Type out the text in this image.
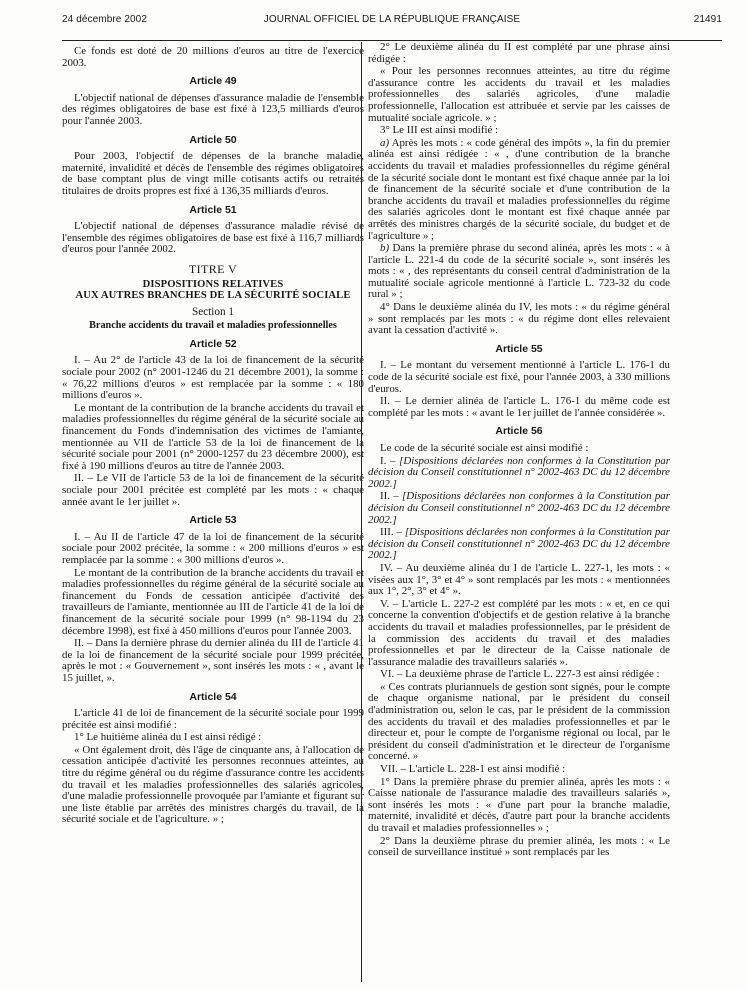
24 décembre 2002	JOURNAL OFFICIEL DE LA RÉPUBLIQUE FRANÇAISE	21491

Ce fonds est doté de 20 millions d'euros au titre de l'exercice 2003.

Article 49

L'objectif national de dépenses d'assurance maladie de l'ensemble des régimes obligatoires de base est fixé à 123,5 milliards d'euros pour l'année 2003.

Article 50

Pour 2003, l'objectif de dépenses de la branche maladie, maternité, invalidité et décès de l'ensemble des régimes obligatoires de base comptant plus de vingt mille cotisants actifs ou retraités titulaires de droits propres est fixé à 136,35 milliards d'euros.

Article 51

L'objectif national de dépenses d'assurance maladie révisé de l'ensemble des régimes obligatoires de base est fixé à 116,7 milliards d'euros pour l'année 2002.

TITRE V
DISPOSITIONS RELATIVES
AUX AUTRES BRANCHES DE LA SÉCURITÉ SOCIALE
Section 1
Branche accidents du travail et maladies professionnelles
Article 52

I. – Au 2° de l'article 43 de la loi de financement de la sécurité sociale pour 2002 (n° 2001-1246 du 21 décembre 2001), la somme : « 76,22 millions d'euros » est remplacée par la somme : « 180 millions d'euros ».

Le montant de la contribution de la branche accidents du travail et maladies professionnelles du régime général de la sécurité sociale au financement du Fonds d'indemnisation des victimes de l'amiante, mentionnée au VII de l'article 53 de la loi de financement de la sécurité sociale pour 2001 (n° 2000-1257 du 23 décembre 2000), est fixé à 190 millions d'euros au titre de l'année 2003.

II. – Le VII de l'article 53 de la loi de financement de la sécurité sociale pour 2001 précitée est complété par les mots : « chaque année avant le 1er juillet ».

Article 53

I. – Au II de l'article 47 de la loi de financement de la sécurité sociale pour 2002 précitée, la somme : « 200 millions d'euros » est remplacée par la somme : « 300 millions d'euros ».

Le montant de la contribution de la branche accidents du travail et maladies professionnelles du régime général de la sécurité sociale au financement du Fonds de cessation anticipée d'activité des travailleurs de l'amiante, mentionnée au III de l'article 41 de la loi de financement de la sécurité sociale pour 1999 (n° 98-1194 du 23 décembre 1998), est fixé à 450 millions d'euros pour l'année 2003.

II. – Dans la dernière phrase du dernier alinéa du III de l'article 41 de la loi de financement de la sécurité sociale pour 1999 précitée, après le mot : « Gouvernement », sont insérés les mots : « , avant le 15 juillet, ».

Article 54

L'article 41 de loi de financement de la sécurité sociale pour 1999 précitée est ainsi modifié :

1° Le huitième alinéa du I est ainsi rédigé :

« Ont également droit, dès l'âge de cinquante ans, à l'allocation de cessation anticipée d'activité les personnes reconnues atteintes, au titre du régime général ou du régime d'assurance contre les accidents du travail et les maladies professionnelles des salariés agricoles, d'une maladie professionnelle provoquée par l'amiante et figurant sur une liste établie par arrêtés des ministres chargés du travail, de la sécurité sociale et de l'agriculture. » ;

2° Le deuxième alinéa du II est complété par une phrase ainsi rédigée :

« Pour les personnes reconnues atteintes, au titre du régime d'assurance contre les accidents du travail et les maladies professionnelles des salariés agricoles, d'une maladie professionnelle, l'allocation est attribuée et servie par les caisses de mutualité sociale agricole. » ;

3° Le III est ainsi modifié :

a) Après les mots : « code général des impôts », la fin du premier alinéa est ainsi rédigée : « , d'une contribution de la branche accidents du travail et maladies professionnelles du régime général de la sécurité sociale dont le montant est fixé chaque année par la loi de financement de la sécurité sociale et d'une contribution de la branche accidents du travail et maladies professionnelles du régime des salariés agricoles dont le montant est fixé chaque année par arrêtés des ministres chargés de la sécurité sociale, du budget et de l'agriculture » ;

b) Dans la première phrase du second alinéa, après les mots : « à l'article L. 221-4 du code de la sécurité sociale », sont insérés les mots : « , des représentants du conseil central d'administration de la mutualité sociale agricole mentionné à l'article L. 723-32 du code rural » ;

4° Dans le deuxième alinéa du IV, les mots : « du régime général » sont remplacés par les mots : « du régime dont elles relevaient avant la cessation d'activité ».

Article 55

I. – Le montant du versement mentionné à l'article L. 176-1 du code de la sécurité sociale est fixé, pour l'année 2003, à 330 millions d'euros.

II. – Le dernier alinéa de l'article L. 176-1 du même code est complété par les mots : « avant le 1er juillet de l'année considérée ».

Article 56

Le code de la sécurité sociale est ainsi modifié :

I. – [Dispositions déclarées non conformes à la Constitution par décision du Conseil constitutionnel n° 2002-463 DC du 12 décembre 2002.]

II. – [Dispositions déclarées non conformes à la Constitution par décision du Conseil constitutionnel n° 2002-463 DC du 12 décembre 2002.]

III. – [Dispositions déclarées non conformes à la Constitution par décision du Conseil constitutionnel n° 2002-463 DC du 12 décembre 2002.]

IV. – Au deuxième alinéa du I de l'article L. 227-1, les mots : « visées aux 1°, 3° et 4° » sont remplacés par les mots : « mentionnées aux 1°, 2°, 3° et 4° ».

V. – L'article L. 227-2 est complété par les mots : « et, en ce qui concerne la convention d'objectifs et de gestion relative à la branche accidents du travail et maladies professionnelles, par le président de la commission des accidents du travail et des maladies professionnelles et par le directeur de la Caisse nationale de l'assurance maladie des travailleurs salariés ».

VI. – La deuxième phrase de l'article L. 227-3 est ainsi rédigée :

« Ces contrats pluriannuels de gestion sont signés, pour le compte de chaque organisme national, par le président du conseil d'administration ou, selon le cas, par le président de la commission des accidents du travail et des maladies professionnelles et par le directeur et, pour le compte de l'organisme régional ou local, par le président du conseil d'administration et le directeur de l'organisme concerné. »

VII. – L'article L. 228-1 est ainsi modifié :

1° Dans la première phrase du premier alinéa, après les mots : « Caisse nationale de l'assurance maladie des travailleurs salariés », sont insérés les mots : « d'une part pour la branche maladie, maternité, invalidité et décès, d'autre part pour la branche accidents du travail et maladies professionnelles » ;

2° Dans la deuxième phrase du premier alinéa, les mots : « Le conseil de surveillance institué » sont remplacés par les
